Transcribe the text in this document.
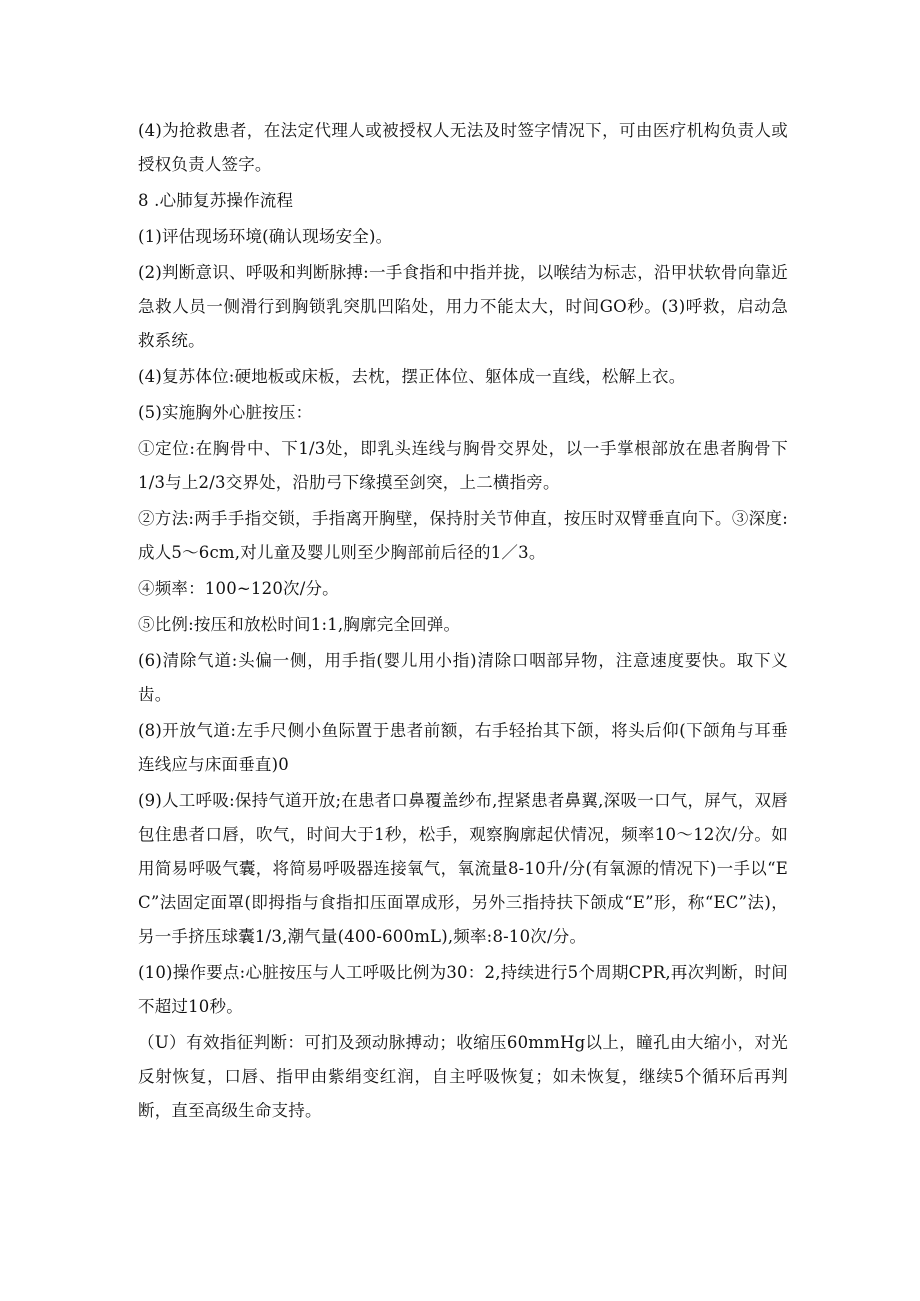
(4)为抢救患者，在法定代理人或被授权人无法及时签字情况下，可由医疗机构负责人或授权负责人签字。

8 .心肺复苏操作流程

(1)评估现场环境(确认现场安全)。

(2)判断意识、呼吸和判断脉搏:一手食指和中指并拢，以喉结为标志，沿甲状软骨向靠近急救人员一侧滑行到胸锁乳突肌凹陷处，用力不能太大，时间GO秒。(3)呼救，启动急救系统。

(4)复苏体位:硬地板或床板，去枕，摆正体位、躯体成一直线，松解上衣。

(5)实施胸外心脏按压：

①定位:在胸骨中、下1/3处，即乳头连线与胸骨交界处，以一手掌根部放在患者胸骨下1/3与上2/3交界处，沿肋弓下缘摸至剑突，上二横指旁。

②方法:两手手指交锁，手指离开胸壁，保持肘关节伸直，按压时双臂垂直向下。③深度:成人5〜6cm,对儿童及婴儿则至少胸部前后径的1／3。

④频率：100~120次/分。

⑤比例:按压和放松时间1:1,胸廓完全回弹。

(6)清除气道:头偏一侧，用手指(婴儿用小指)清除口咽部异物，注意速度要快。取下义齿。

(8)开放气道:左手尺侧小鱼际置于患者前额，右手轻抬其下颌，将头后仰(下颌角与耳垂连线应与床面垂直)0

(9)人工呼吸:保持气道开放;在患者口鼻覆盖纱布,捏紧患者鼻翼,深吸一口气，屏气，双唇包住患者口唇，吹气，时间大于1秒，松手，观察胸廓起伏情况，频率10〜12次/分。如用简易呼吸气囊，将简易呼吸器连接氧气，氧流量8-10升/分(有氧源的情况下)一手以“EC”法固定面罩(即拇指与食指扣压面罩成形，另外三指持扶下颌成“E”形，称“EC”法)，另一手挤压球囊1/3,潮气量(400-600mL),频率:8-10次/分。

(10)操作要点:心脏按压与人工呼吸比例为30：2,持续进行5个周期CPR,再次判断，时间不超过10秒。

（U）有效指征判断：可扪及颈动脉搏动；收缩压60mmHg以上，瞳孔由大缩小，对光反射恢复，口唇、指甲由紫绢变红润，自主呼吸恢复；如未恢复，继续5个循环后再判断，直至高级生命支持。
